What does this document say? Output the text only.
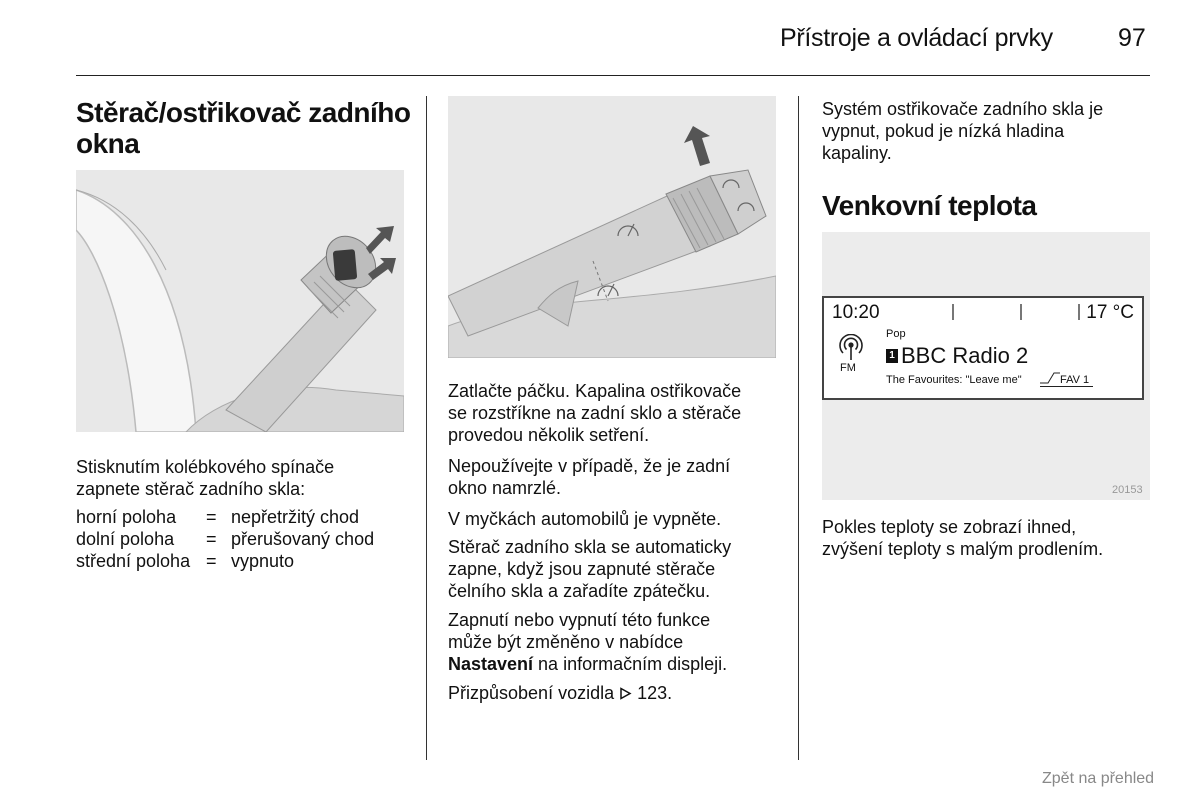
Přístroje a ovládací prvky	97
Stěrač/ostřikovač zadního okna

Stisknutím kolébkového spínače

zapnete stěrač zadního skla:

horní poloha	= nepřetržitý chod
dolní poloha	= přerušovaný chod
střední poloha = vypnuto

Zatlačte páčku. Kapalina ostřikovače

se rozstříkne na zadní sklo a stěrače

provedou několik setření.

Nepoužívejte v případě, že je zadní

okno namrzlé.

V myčkách automobilů je vypněte.

Stěrač zadního skla se automaticky

zapne, když jsou zapnuté stěrače

čelního skla a zařadíte zpátečku.

Zapnutí nebo vypnutí této funkce

může být změněno v nabídce

Nastavení na informačním displeji.

Přizpůsobení vozidla 123.

Systém ostřikovače zadního skla je

vypnut, pokud je nízká hladina

kapaliny.

Venkovní teplota
10:20	17 °C
Pop
FM
1 BBC Radio 2
The Favourites: "Leave me"	FAV 1
20153

Pokles teploty se zobrazí ihned,

zvýšení teploty s malým prodlením.

Zpět na přehled
